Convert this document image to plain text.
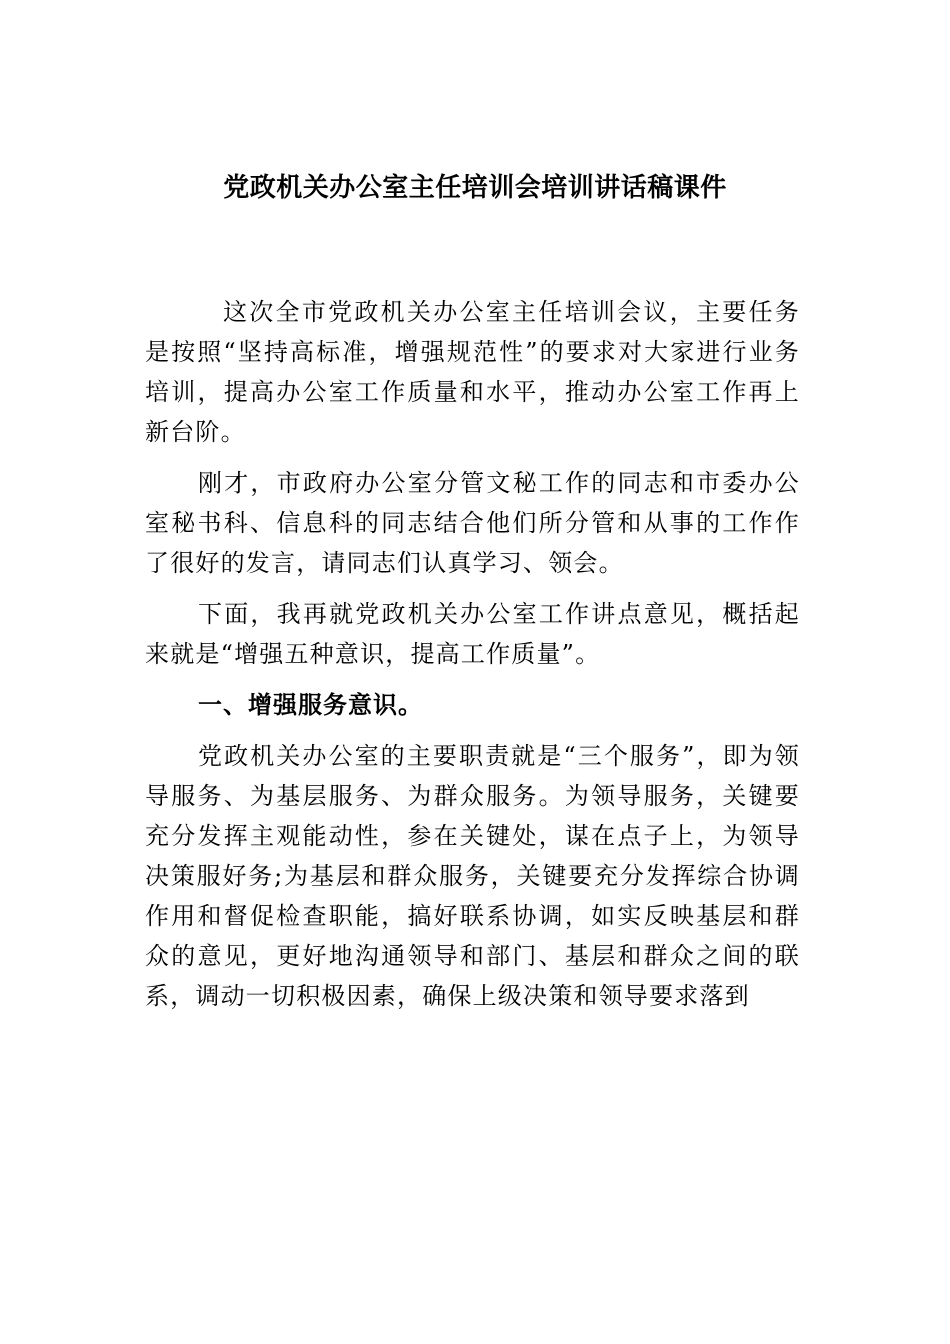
党政机关办公室主任培训会培训讲话稿课件

这次全市党政机关办公室主任培训会议，主要任务是按照“坚持高标准，增强规范性”的要求对大家进行业务培训，提高办公室工作质量和水平，推动办公室工作再上新台阶。

刚才，市政府办公室分管文秘工作的同志和市委办公室秘书科、信息科的同志结合他们所分管和从事的工作作了很好的发言，请同志们认真学习、领会。

下面，我再就党政机关办公室工作讲点意见，概括起来就是“增强五种意识，提高工作质量”。

一、增强服务意识。

党政机关办公室的主要职责就是“三个服务”，即为领导服务、为基层服务、为群众服务。为领导服务，关键要充分发挥主观能动性，参在关键处，谋在点子上，为领导决策服好务;为基层和群众服务，关键要充分发挥综合协调作用和督促检查职能，搞好联系协调，如实反映基层和群众的意见，更好地沟通领导和部门、基层和群众之间的联系，调动一切积极因素，确保上级决策和领导要求落到
